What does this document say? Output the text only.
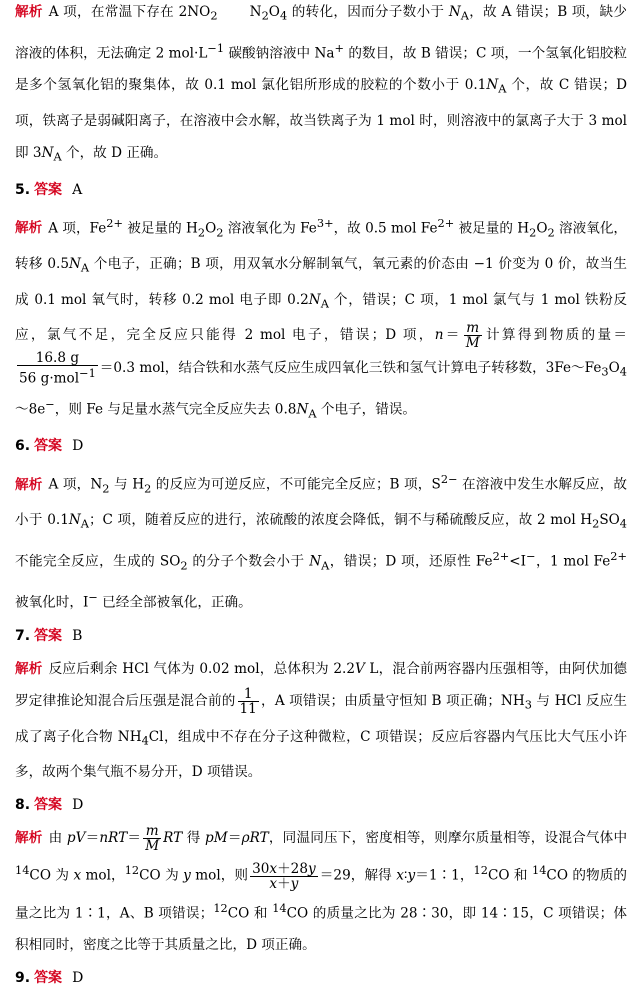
解析 A 项，在常温下存在 $2NO_2$       $N_2O_4$ 的转化，因而分子数小于 $N_A$，故 A 错误；B 项，缺少溶液的体积，无法确定 2 $mol\cdot L^{-1}$ 碳酸钠溶液中 Na+ 的数目，故 B 错误；C 项，一个氢氧化铝胶粒是多个氢氧化铝的聚集体，故 0.1 mol 氯化铝所形成的胶粒的个数小于 $0.1N_A$ 个，故 C 错误；D 项，铁离子是弱碱阳离子，在溶液中会水解，故当铁离子为 1 mol 时，则溶液中的氯离子大于 3 mol 即 $3N_A$ 个，故 D 正确。

5. 答案 A

解析 A 项，$Fe^{2+}$ 被足量的 $H_2O_2$ 溶液氧化为 $Fe^{3+}$，故 0.5 mol $Fe^{2+}$ 被足量的 $H_2O_2$ 溶液氧化，转移 $0.5N_A$ 个电子，正确；B 项，用双氧水分解制氧气，氧元素的价态由 −1 价变为 0 价，故当生成 0.1 mol 氧气时，转移 0.2 mol 电子即 $0.2N_A$ 个，错误；C 项，1 mol 氯气与 1 mol 铁粉反应，氯气不足，完全反应只能得 2 mol 电子，错误；D 项，$n= \frac{m}{M}$ 计算得到物质的量＝
$\frac{16.8 g}{56 g\cdot mol^{-1}} =0.3$ mol，结合铁和水蒸气反应生成四氧化三铁和氢气计算电子转移数，$3Fe\sim Fe_3O_4\sim 8e^-$，则 Fe 与足量水蒸气完全反应失去 $0.8N_A$ 个电子，错误。

6. 答案 D

解析 A 项，$N_2$ 与 $H_2$ 的反应为可逆反应，不可能完全反应；B 项，$S^{2-}$ 在溶液中发生水解反应，故小于 $0.1N_A$；C 项，随着反应的进行，浓硫酸的浓度会降低，铜不与稀硫酸反应，故 2 mol $H_2SO_4$ 不能完全反应，生成的 $SO_2$ 的分子个数会小于 $N_A$，错误；D 项，还原性 $Fe^{2+}<I^-$，1 mol $Fe^{2+}$ 被氧化时，I− 已经全部被氧化，正确。

7. 答案 B

解析 反应后剩余 HCl 气体为 0.02 mol，总体积为 2.2V L，混合前两容器内压强相等，由阿伏加德罗定律推论知混合后压强是混合前的 $\frac{1}{11}$ ，A 项错误；由质量守恒知 B 项正确；$NH_3$ 与 HCl 反应生成了离子化合物 $NH_4Cl$，组成中不存在分子这种微粒，C 项错误；反应后容器内气压比大气压小许多，故两个集气瓶不易分开，D 项错误。

8. 答案 D

解析 由 $pV=nRT= \frac{m}{M}$ RT 得 pM＝ρRT，同温同压下，密度相等，则摩尔质量相等，设混合气体中 $^{14}$CO 为 x mol，$^{12}$CO 为 y mol，则 $\frac{30x+28y}{x+y} =29$，解得 x∶y＝1∶1，$^{12}$CO 和 $^{14}$CO 的物质的量之比为 1∶1，A、B 项错误；$^{12}$CO 和 $^{14}$CO 的质量之比为 28∶30，即 14∶15，C 项错误；体积相同时，密度之比等于其质量之比，D 项正确。

9. 答案 D
